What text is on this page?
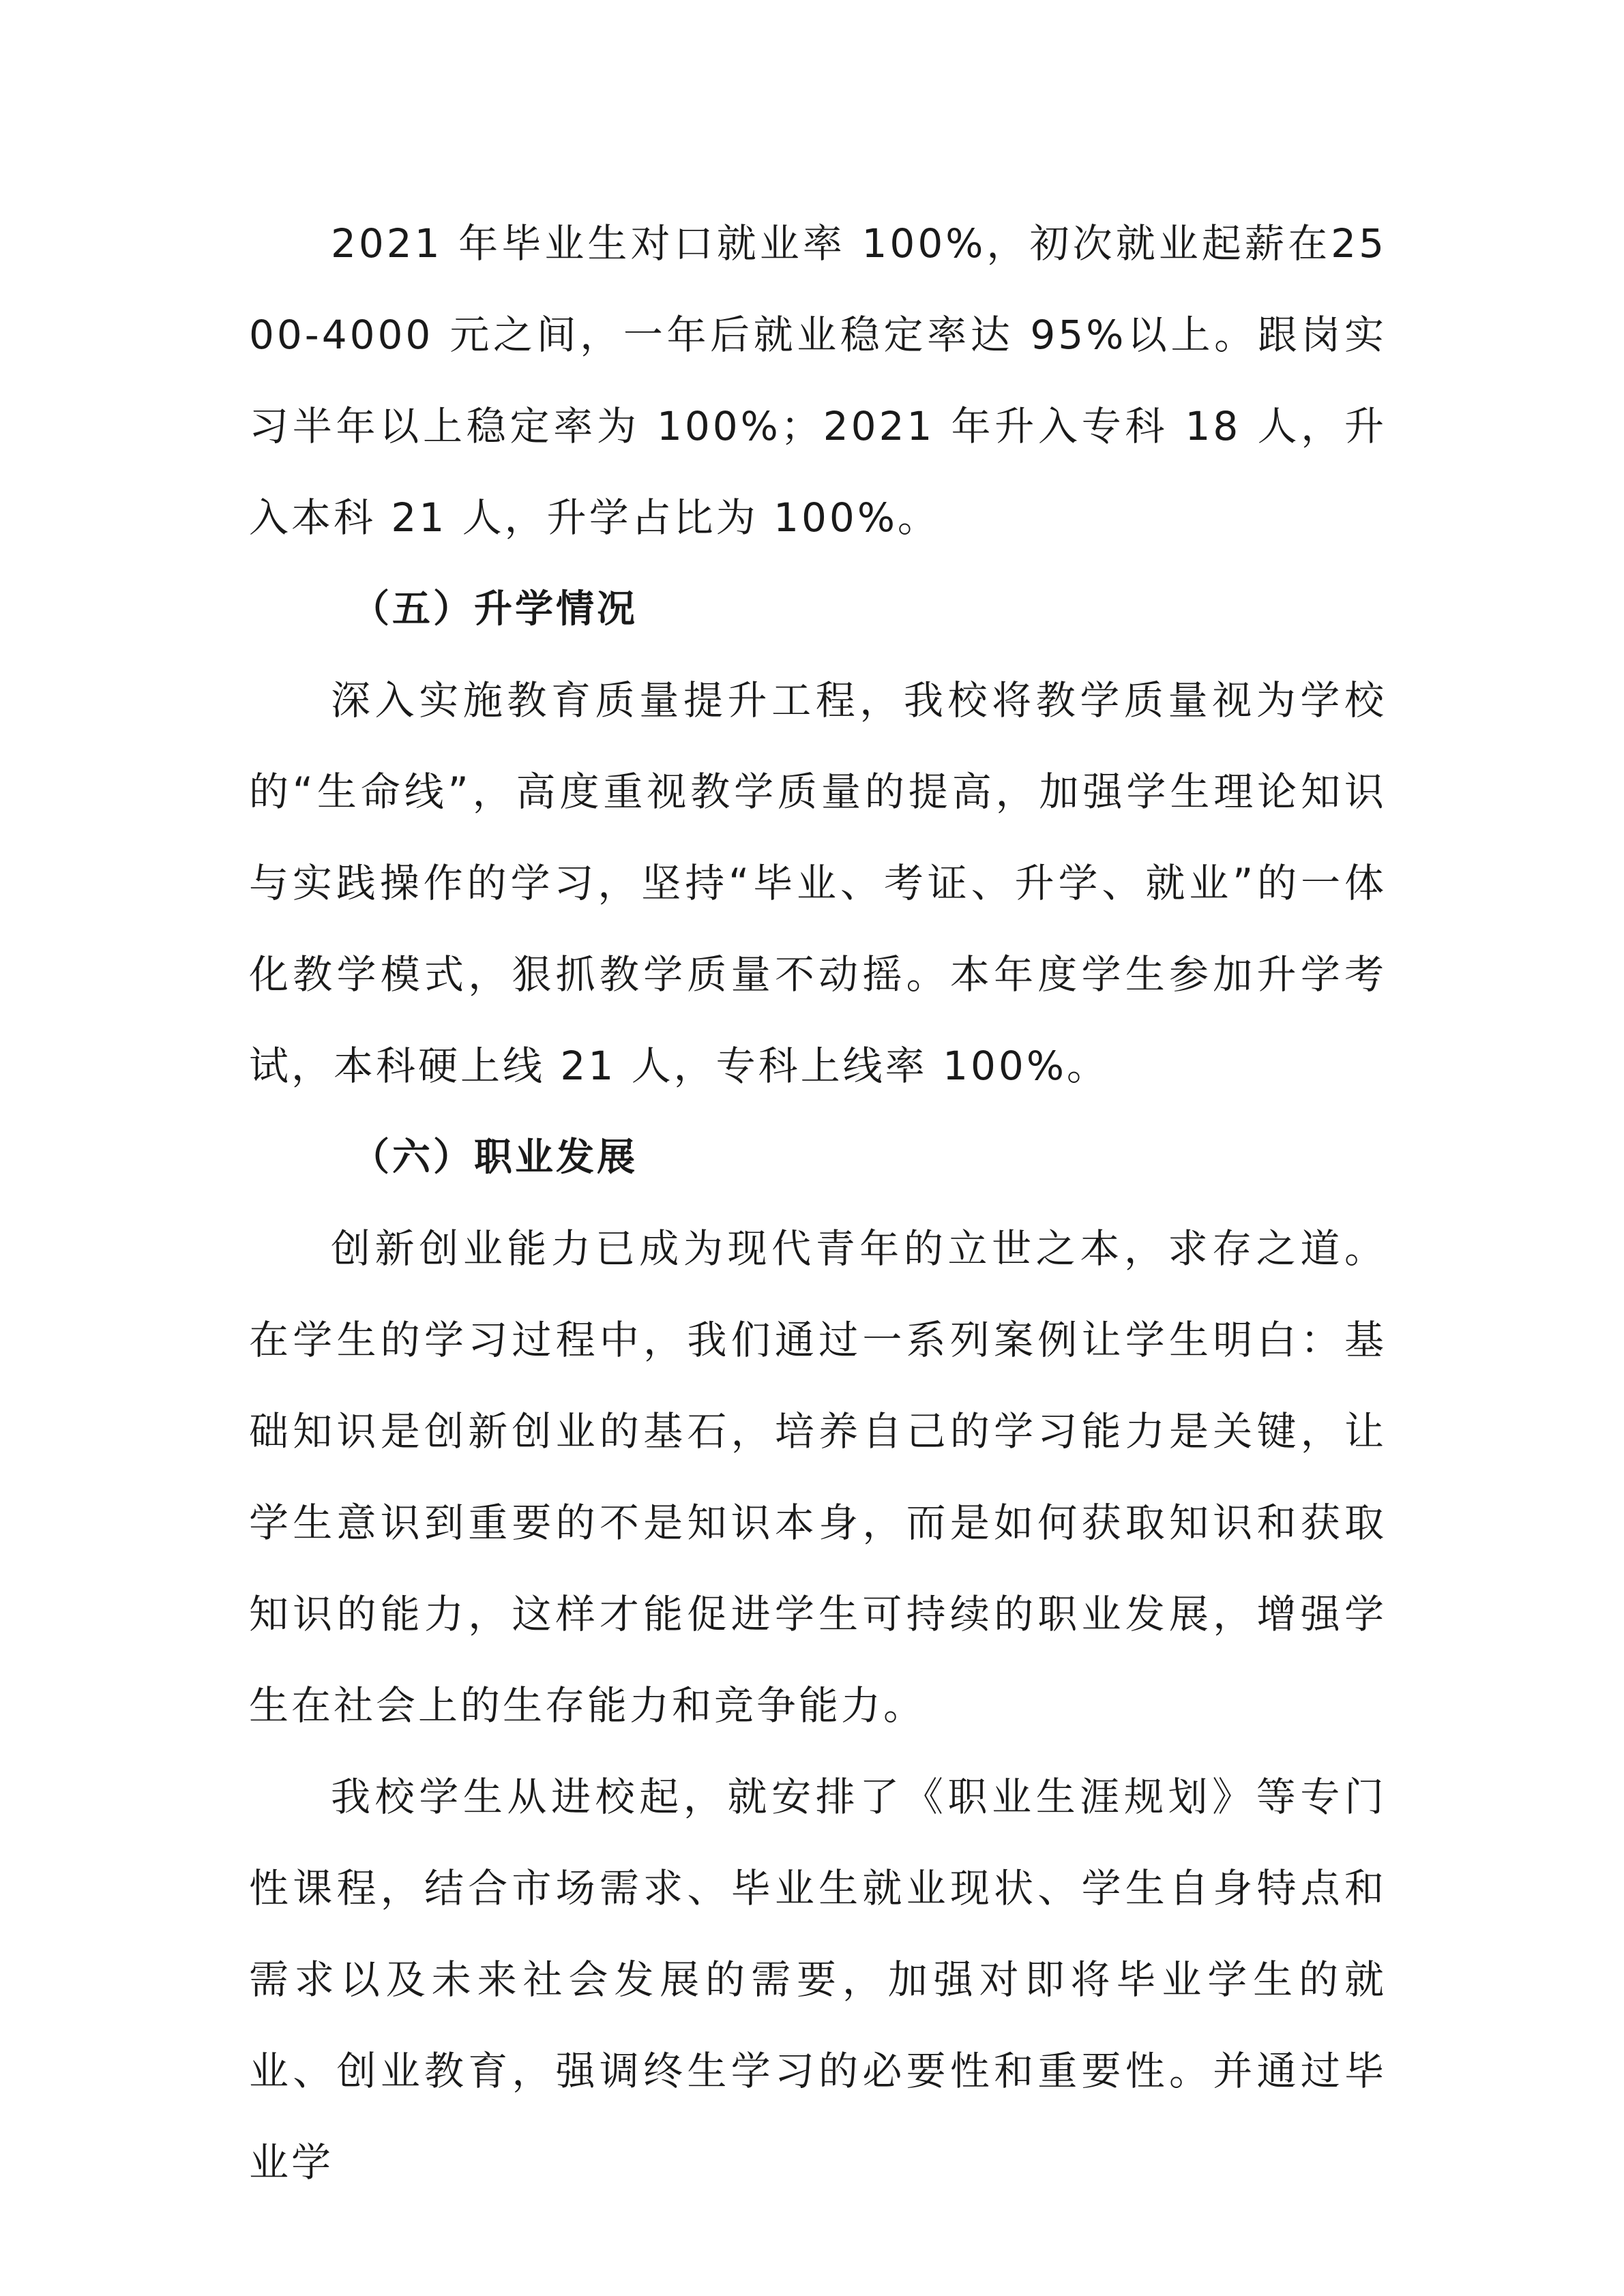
2021 年毕业生对口就业率 100%，初次就业起薪在2500-4000 元之间，一年后就业稳定率达 95%以上。跟岗实习半年以上稳定率为 100%；2021 年升入专科 18 人，升入本科 21 人，升学占比为 100%。

（五）升学情况

深入实施教育质量提升工程，我校将教学质量视为学校的“生命线”，高度重视教学质量的提高，加强学生理论知识与实践操作的学习，坚持“毕业、考证、升学、就业”的一体化教学模式，狠抓教学质量不动摇。本年度学生参加升学考试，本科硬上线 21 人，专科上线率 100%。

（六）职业发展

创新创业能力已成为现代青年的立世之本，求存之道。在学生的学习过程中，我们通过一系列案例让学生明白：基础知识是创新创业的基石，培养自己的学习能力是关键，让学生意识到重要的不是知识本身，而是如何获取知识和获取知识的能力，这样才能促进学生可持续的职业发展，增强学生在社会上的生存能力和竞争能力。

我校学生从进校起，就安排了《职业生涯规划》等专门性课程，结合市场需求、毕业生就业现状、学生自身特点和需求以及未来社会发展的需要，加强对即将毕业学生的就业、创业教育，强调终生学习的必要性和重要性。并通过毕业学
